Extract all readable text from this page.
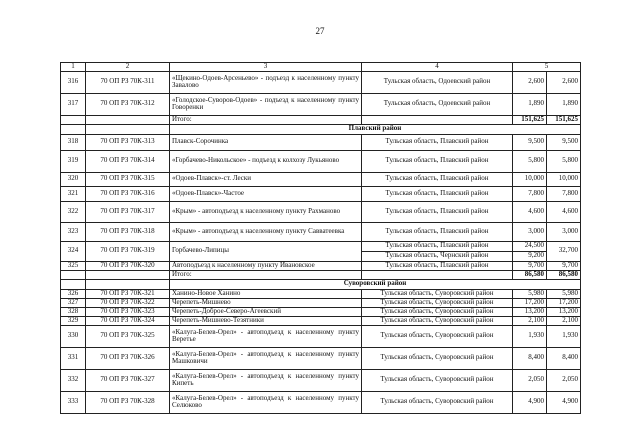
27
1	2	3	4	5	
316	70 ОП РЗ 70К-311	«Щекино-Одоев-Арсеньево» - подъезд к населенному пункту Завалово	Тульская область, Одоевский район	2,600	2,600
317	70 ОП РЗ 70К-312	«Голодское-Суворов-Одоев» - подъезд к населенному пункту Говоренки	Тульская область, Одоевский район	1,890	1,890
		Итого:		151,625	151,625
		Плавский район			
318	70 ОП РЗ 70К-313	Плавск-Сорочинка	Тульская область, Плавский район	9,500	9,500
319	70 ОП РЗ 70К-314	«Горбачево-Никольское» - подъезд к колхозу Лукьяново	Тульская область, Плавский район	5,800	5,800
320	70 ОП РЗ 70К-315	«Одоев-Плавск»-ст. Лески	Тульская область, Плавский район	10,000	10,000
321	70 ОП РЗ 70К-316	«Одоев-Плавск»-Частое	Тульская область, Плавский район	7,800	7,800
322	70 ОП РЗ 70К-317	«Крым» - автоподъезд к населенному пункту Рахманово	Тульская область, Плавский район	4,600	4,600
323	70 ОП РЗ 70К-318	«Крым» - автоподъезд к населенному пункту Савватеевка	Тульская область, Плавский район	3,000	3,000
324	70 ОП РЗ 70К-319	Горбачево-Липицы	Тульская область, Плавский район	24,500	32,700
			Тульская область, Чернский район	9,200	
325	70 ОП РЗ 70К-320	Автоподъезд к населенному пункту Ивановское	Тульская область, Плавский район	9,700	9,700
		Итого:		86,580	86,580
		Суворовский район			
326	70 ОП РЗ 70К-321	Ханино-Новое Ханино	Тульская область, Суворовский район	5,980	5,980
327	70 ОП РЗ 70К-322	Черепеть-Мишнево	Тульская область, Суворовский район	17,200	17,200
328	70 ОП РЗ 70К-323	Черепеть-Доброе-Северо-Агеевский	Тульская область, Суворовский район	13,200	13,200
329	70 ОП РЗ 70К-324	Черепеть-Мишнево-Тезятники	Тульская область, Суворовский район	2,100	2,100
330	70 ОП РЗ 70К-325	«Калуга-Белев-Орел» - автоподъезд к населенному пункту Веретье	Тульская область, Суворовский район	1,930	1,930
331	70 ОП РЗ 70К-326	«Калуга-Белев-Орел» - автоподъезд к населенному пункту Машковичи	Тульская область, Суворовский район	8,400	8,400
332	70 ОП РЗ 70К-327	«Калуга-Белев-Орел» - автоподъезд к населенному пункту Кипеть	Тульская область, Суворовский район	2,050	2,050
333	70 ОП РЗ 70К-328	«Калуга-Белев-Орел» - автоподъезд к населенному пункту Селюково	Тульская область, Суворовский район	4,900	4,900
